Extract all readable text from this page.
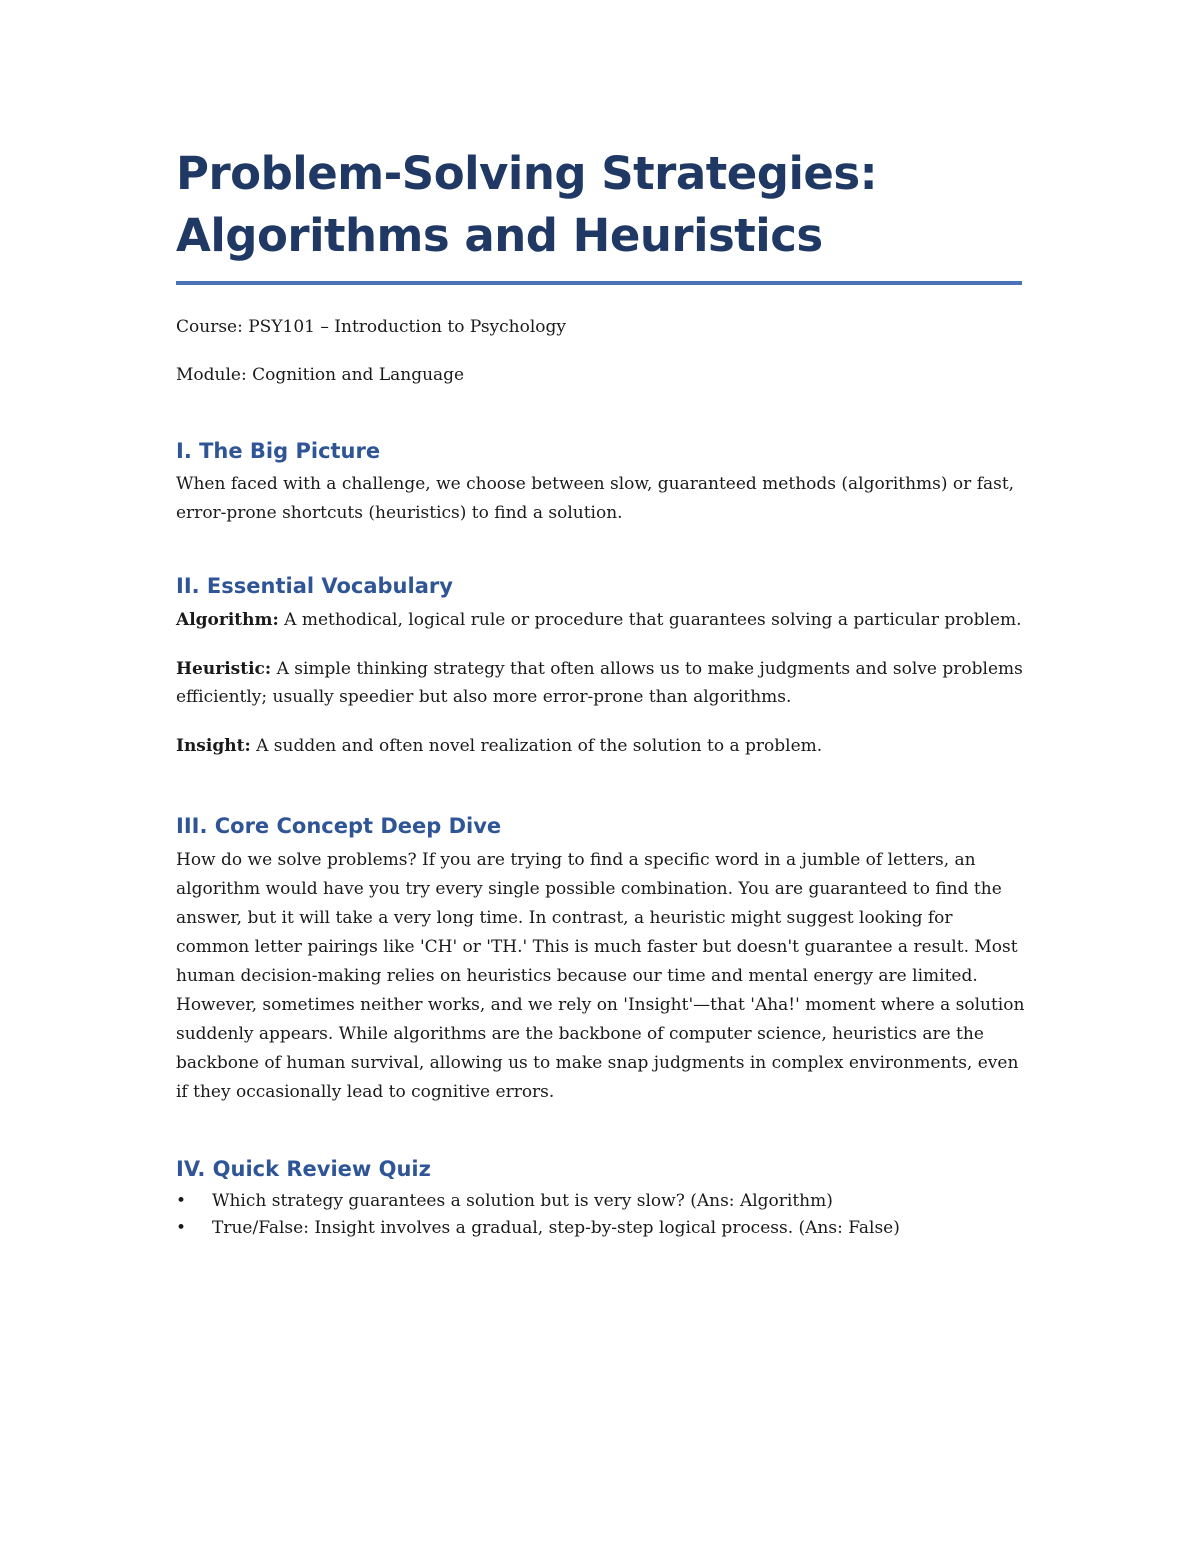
Problem-Solving Strategies: Algorithms and Heuristics

Course: PSY101 – Introduction to Psychology

Module: Cognition and Language

I. The Big Picture

When faced with a challenge, we choose between slow, guaranteed methods (algorithms) or fast, error-prone shortcuts (heuristics) to find a solution.

II. Essential Vocabulary

Algorithm: A methodical, logical rule or procedure that guarantees solving a particular problem.

Heuristic: A simple thinking strategy that often allows us to make judgments and solve problems efficiently; usually speedier but also more error-prone than algorithms.

Insight: A sudden and often novel realization of the solution to a problem.

III. Core Concept Deep Dive

How do we solve problems? If you are trying to find a specific word in a jumble of letters, an algorithm would have you try every single possible combination. You are guaranteed to find the answer, but it will take a very long time. In contrast, a heuristic might suggest looking for common letter pairings like 'CH' or 'TH.' This is much faster but doesn't guarantee a result. Most human decision-making relies on heuristics because our time and mental energy are limited. However, sometimes neither works, and we rely on 'Insight'—that 'Aha!' moment where a solution suddenly appears. While algorithms are the backbone of computer science, heuristics are the backbone of human survival, allowing us to make snap judgments in complex environments, even if they occasionally lead to cognitive errors.

IV. Quick Review Quiz
• Which strategy guarantees a solution but is very slow? (Ans: Algorithm)
• True/False: Insight involves a gradual, step-by-step logical process. (Ans: False)
